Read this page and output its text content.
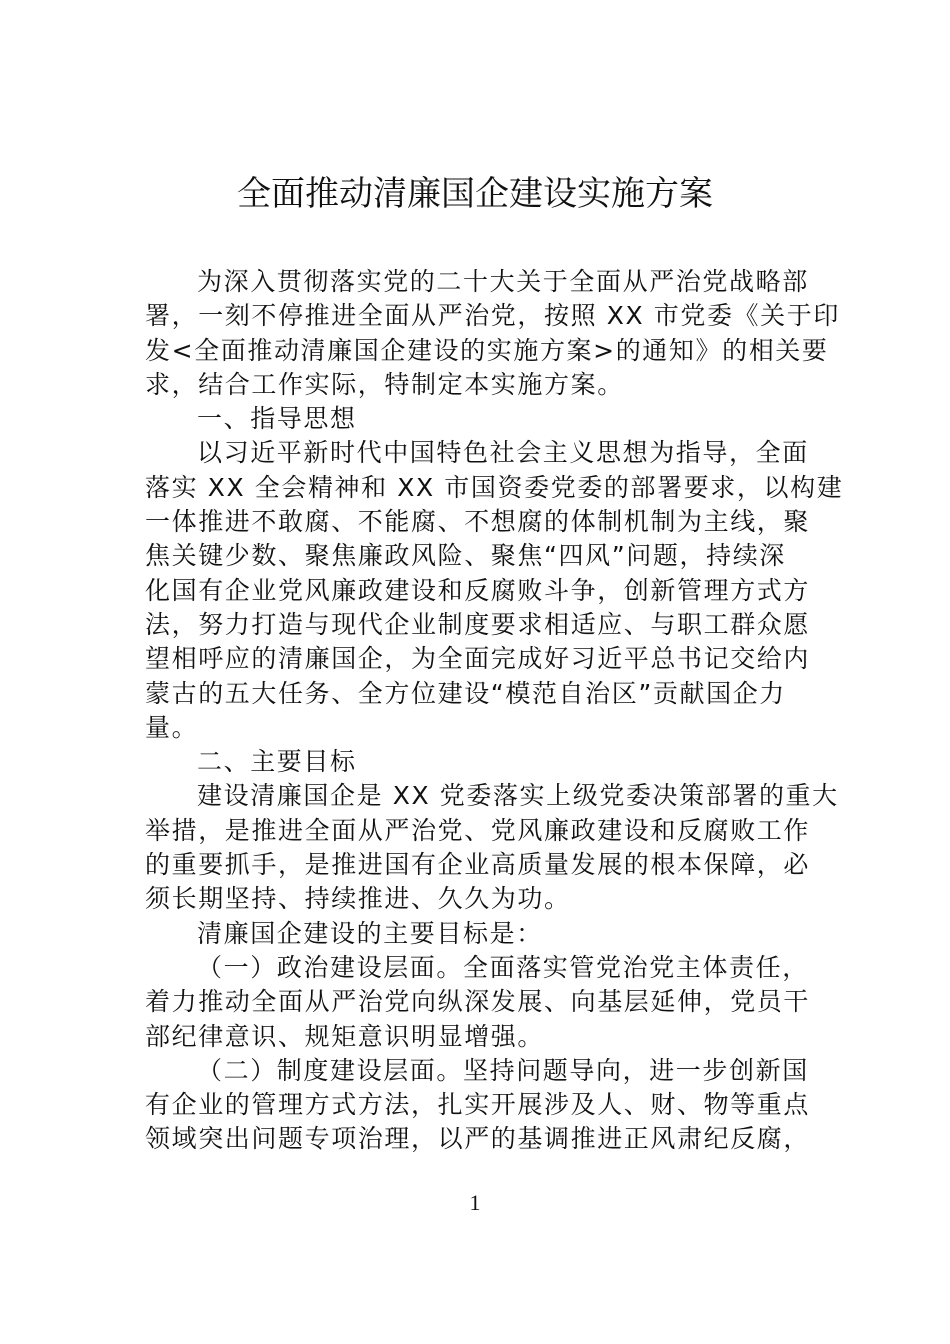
全面推动清廉国企建设实施方案
为深入贯彻落实党的二十大关于全面从严治党战略部
署，一刻不停推进全面从严治党，按照 XX 市党委《关于印
发<全面推动清廉国企建设的实施方案>的通知》的相关要
求，结合工作实际，特制定本实施方案。
一、指导思想
以习近平新时代中国特色社会主义思想为指导，全面
落实 XX 全会精神和 XX 市国资委党委的部署要求，以构建
一体推进不敢腐、不能腐、不想腐的体制机制为主线，聚
焦关键少数、聚焦廉政风险、聚焦“四风”问题，持续深
化国有企业党风廉政建设和反腐败斗争，创新管理方式方
法，努力打造与现代企业制度要求相适应、与职工群众愿
望相呼应的清廉国企，为全面完成好习近平总书记交给内
蒙古的五大任务、全方位建设“模范自治区”贡献国企力
量。
二、主要目标
建设清廉国企是 XX 党委落实上级党委决策部署的重大
举措，是推进全面从严治党、党风廉政建设和反腐败工作
的重要抓手，是推进国有企业高质量发展的根本保障，必
须长期坚持、持续推进、久久为功。
清廉国企建设的主要目标是：
（一）政治建设层面。全面落实管党治党主体责任，
着力推动全面从严治党向纵深发展、向基层延伸，党员干
部纪律意识、规矩意识明显增强。
（二）制度建设层面。坚持问题导向，进一步创新国
有企业的管理方式方法，扎实开展涉及人、财、物等重点
领域突出问题专项治理，以严的基调推进正风肃纪反腐，
1
